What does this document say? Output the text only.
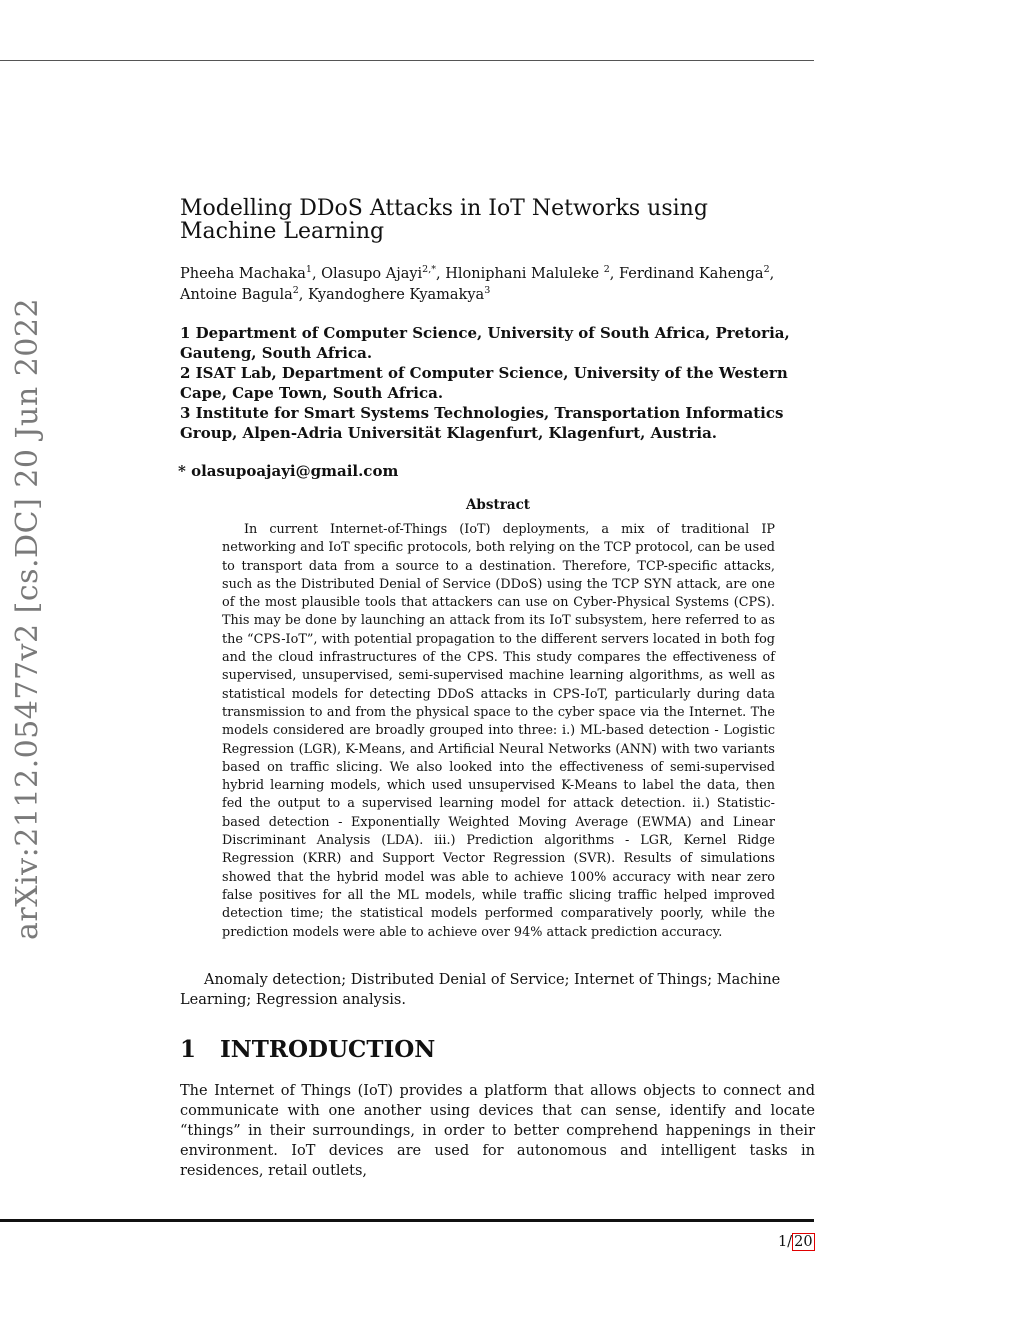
arXiv:2112.05477v2 [cs.DC] 20 Jun 2022
Modelling DDoS Attacks in IoT Networks using Machine Learning
Pheeha Machaka$^1$, Olasupo Ajayi$^{2,*}$, Hloniphani Maluleke $^2$, Ferdinand Kahenga$^2$,
Antoine Bagula$^2$, Kyandoghere Kyamakya$^3$
1 Department of Computer Science, University of South Africa, Pretoria, Gauteng, South Africa.
2 ISAT Lab, Department of Computer Science, University of the Western Cape, Cape Town, South Africa.
3 Institute for Smart Systems Technologies, Transportation Informatics Group, Alpen-Adria Universität Klagenfurt, Klagenfurt, Austria.
* olasupoajayi@gmail.com
Abstract

In current Internet-of-Things (IoT) deployments, a mix of traditional IP networking and IoT specific protocols, both relying on the TCP protocol, can be used to transport data from a source to a destination. Therefore, TCP-specific attacks, such as the Distributed Denial of Service (DDoS) using the TCP SYN attack, are one of the most plausible tools that attackers can use on Cyber-Physical Systems (CPS). This may be done by launching an attack from its IoT subsystem, here referred to as the “CPS-IoT”, with potential propagation to the different servers located in both fog and the cloud infrastructures of the CPS. This study compares the effectiveness of supervised, unsupervised, semi-supervised machine learning algorithms, as well as statistical models for detecting DDoS attacks in CPS-IoT, particularly during data transmission to and from the physical space to the cyber space via the Internet. The models considered are broadly grouped into three: i.) ML-based detection - Logistic Regression (LGR), K-Means, and Artificial Neural Networks (ANN) with two variants based on traffic slicing. We also looked into the effectiveness of semi-supervised hybrid learning models, which used unsupervised K-Means to label the data, then fed the output to a supervised learning model for attack detection. ii.) Statistic-based detection - Exponentially Weighted Moving Average (EWMA) and Linear Discriminant Analysis (LDA). iii.) Prediction algorithms - LGR, Kernel Ridge Regression (KRR) and Support Vector Regression (SVR). Results of simulations showed that the hybrid model was able to achieve 100% accuracy with near zero false positives for all the ML models, while traffic slicing traffic helped improved detection time; the statistical models performed comparatively poorly, while the prediction models were able to achieve over 94% attack prediction accuracy.

Anomaly detection; Distributed Denial of Service; Internet of Things; Machine Learning; Regression analysis.

1 INTRODUCTION

The Internet of Things (IoT) provides a platform that allows objects to connect and communicate with one another using devices that can sense, identify and locate “things” in their surroundings, in order to better comprehend happenings in their environment. IoT devices are used for autonomous and intelligent tasks in residences, retail outlets,

1/ 20
